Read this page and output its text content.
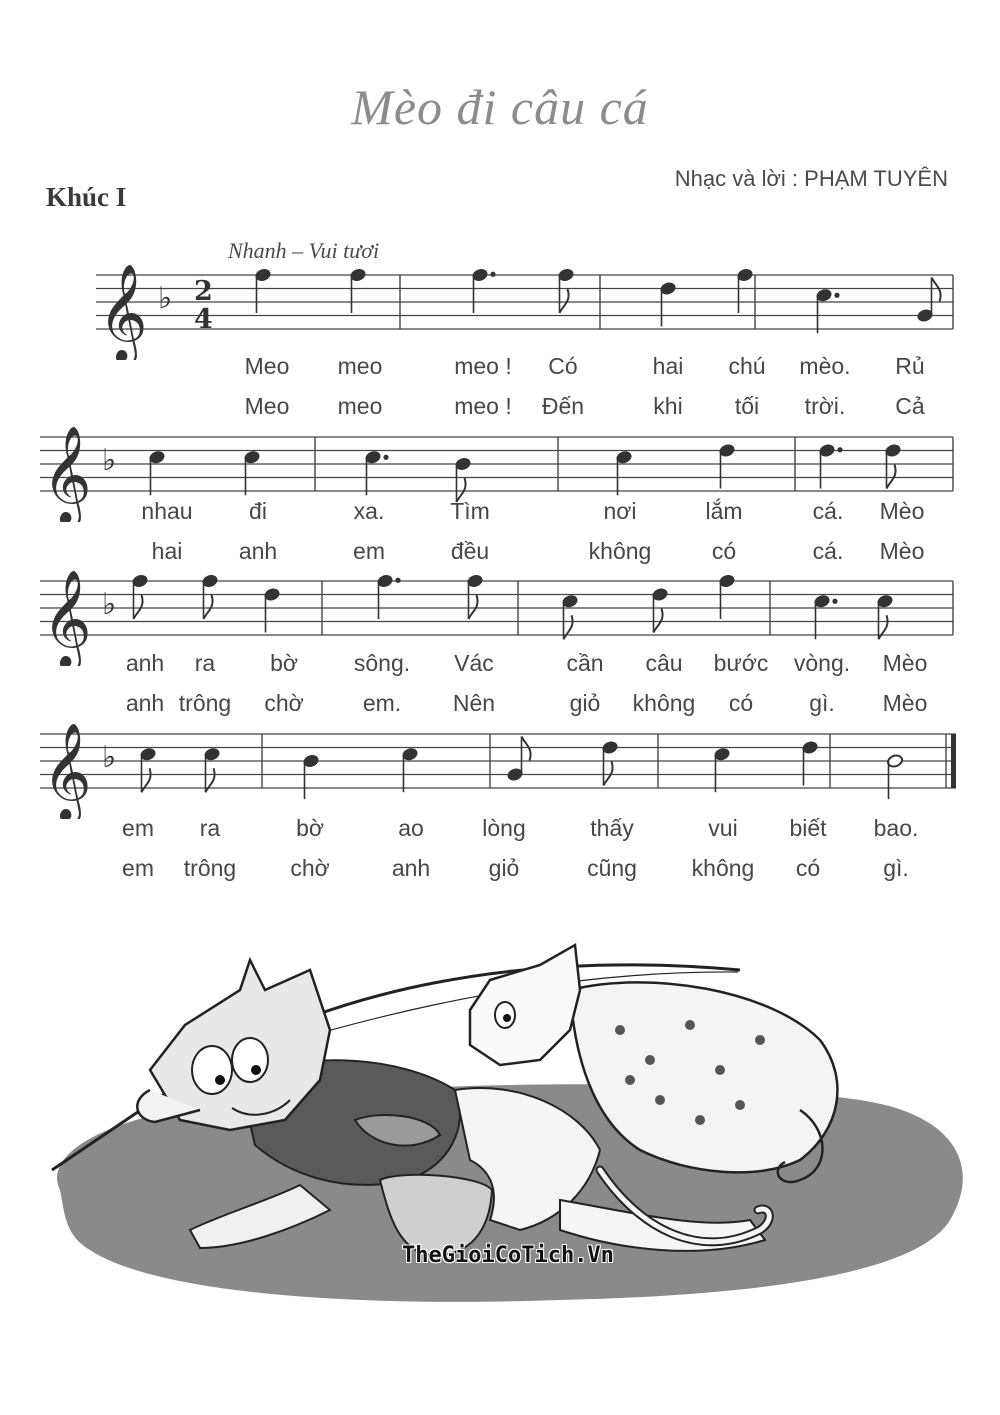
Mèo đi câu cá
Khúc I
Nhạc và lời : PHẠM TUYÊN
Nhanh – Vui tươi
𝄞 ♭ 2
4
𝄞 ♭
𝄞 ♭
𝄞 ♭
Meo meo	meo ! Có	hai chú mèo. Rủ
Meo meo	meo ! Đến	khi tối trời. Cả
nhau đi	xa.	Tìm	nơi	lắm	cá. Mèo
hai anh	em	đều	không	có	cá. Mèo
anh ra bờ sông. Vác	cần câu bước vòng. Mèo
anh trông chờ	em. Nên	giỏ không có gì. Mèo
em ra	bờ	ao	lòng	thấy	vui biết bao.
em trông chờ	anh	giỏ	cũng không có	gì.
TheGioiCoTich.Vn
